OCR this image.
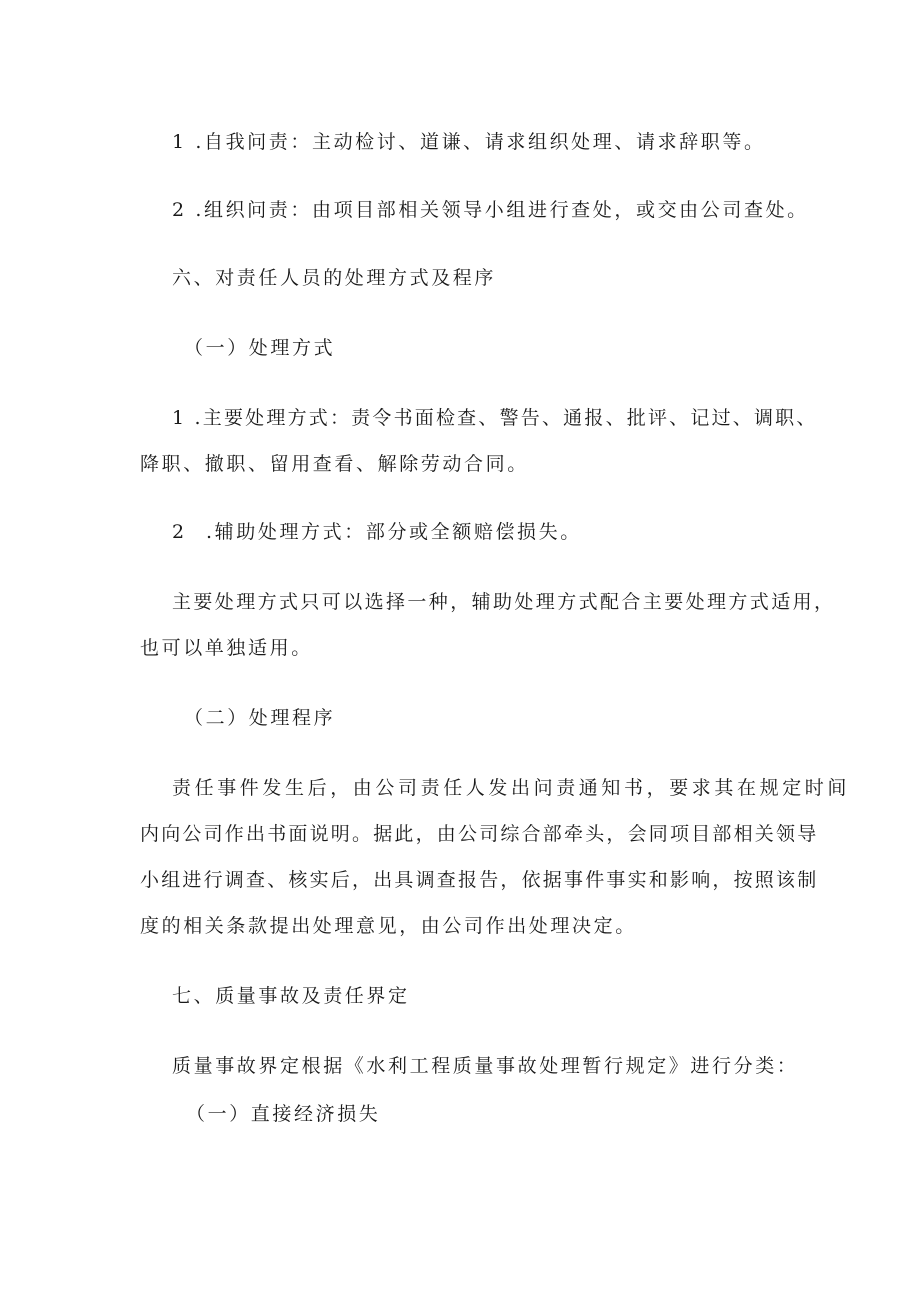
1 .自我问责：主动检讨、道谦、请求组织处理、请求辞职等。
2 .组织问责：由项目部相关领导小组进行查处，或交由公司查处。
六、对责任人员的处理方式及程序
（一）处理方式
1 .主要处理方式：责令书面检查、警告、通报、批评、记过、调职、
降职、撤职、留用查看、解除劳动合同。
2 .辅助处理方式：部分或全额赔偿损失。
主要处理方式只可以选择一种，辅助处理方式配合主要处理方式适用，
也可以单独适用。
（二）处理程序
责任事件发生后，由公司责任人发出问责通知书，要求其在规定时间
内向公司作出书面说明。据此，由公司综合部牵头，会同项目部相关领导
小组进行调查、核实后，出具调查报告，依据事件事实和影响，按照该制
度的相关条款提出处理意见，由公司作出处理决定。
七、质量事故及责任界定
质量事故界定根据《水利工程质量事故处理暂行规定》进行分类：
（一）直接经济损失
